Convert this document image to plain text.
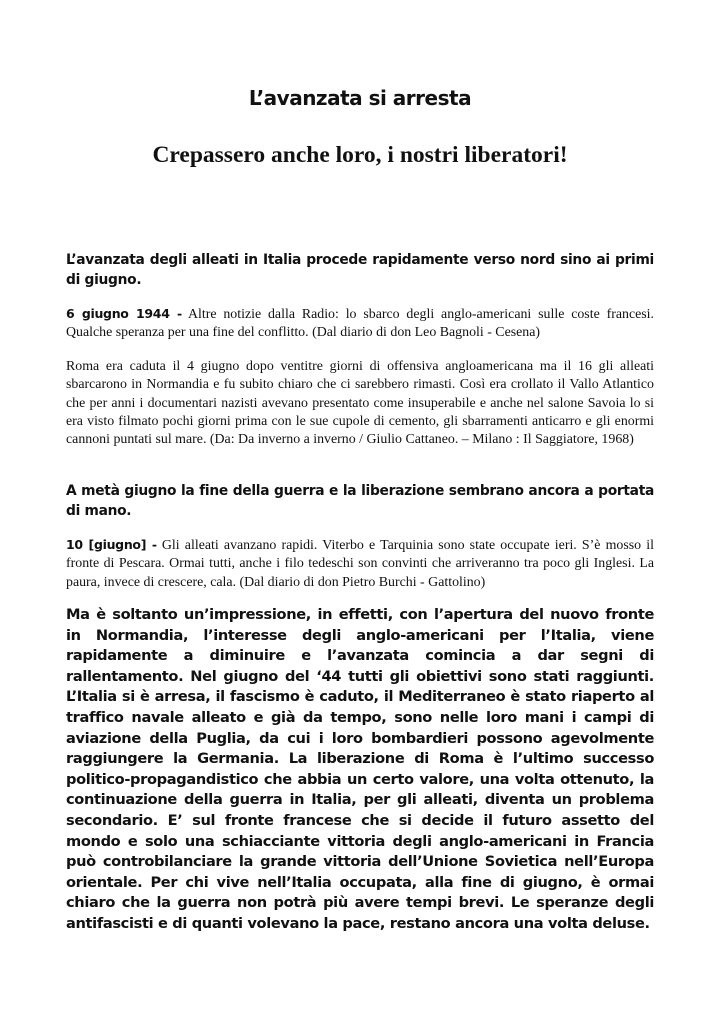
L’avanzata si arresta
Crepassero anche loro, i nostri liberatori!

L’avanzata degli alleati in Italia procede rapidamente verso nord sino ai primi di giugno.

6 giugno 1944 - Altre notizie dalla Radio: lo sbarco degli anglo-americani sulle coste francesi. Qualche speranza per una fine del conflitto. (Dal diario di don Leo Bagnoli - Cesena)

Roma era caduta il 4 giugno dopo ventitre giorni di offensiva angloamericana ma il 16 gli alleati sbarcarono in Normandia e fu subito chiaro che ci sarebbero rimasti. Così era crollato il Vallo Atlantico che per anni i documentari nazisti avevano presentato come insuperabile e anche nel salone Savoia lo si era visto filmato pochi giorni prima con le sue cupole di cemento, gli sbarramenti anticarro e gli enormi cannoni puntati sul mare. (Da: Da inverno a inverno / Giulio Cattaneo. – Milano : Il Saggiatore, 1968)

A metà giugno la fine della guerra e la liberazione sembrano ancora a portata di mano.

10 [giugno] - Gli alleati avanzano rapidi. Viterbo e Tarquinia sono state occupate ieri. S’è mosso il fronte di Pescara. Ormai tutti, anche i filo tedeschi son convinti che arriveranno tra poco gli Inglesi. La paura, invece di crescere, cala. (Dal diario di don Pietro Burchi - Gattolino)

Ma è soltanto un’impressione, in effetti, con l’apertura del nuovo fronte in Normandia, l’interesse degli anglo-americani per l’Italia, viene rapidamente a diminuire e l’avanzata comincia a dar segni di rallentamento. Nel giugno del ‘44 tutti gli obiettivi sono stati raggiunti. L’Italia si è arresa, il fascismo è caduto, il Mediterraneo è stato riaperto al traffico navale alleato e già da tempo, sono nelle loro mani i campi di aviazione della Puglia, da cui i loro bombardieri possono agevolmente raggiungere la Germania. La liberazione di Roma è l’ultimo successo politico-propagandistico che abbia un certo valore, una volta ottenuto, la continuazione della guerra in Italia, per gli alleati, diventa un problema secondario. E’ sul fronte francese che si decide il futuro assetto del mondo e solo una schiacciante vittoria degli anglo-americani in Francia può controbilanciare la grande vittoria dell’Unione Sovietica nell’Europa orientale. Per chi vive nell’Italia occupata, alla fine di giugno, è ormai chiaro che la guerra non potrà più avere tempi brevi. Le speranze degli antifascisti e di quanti volevano la pace, restano ancora una volta deluse.
